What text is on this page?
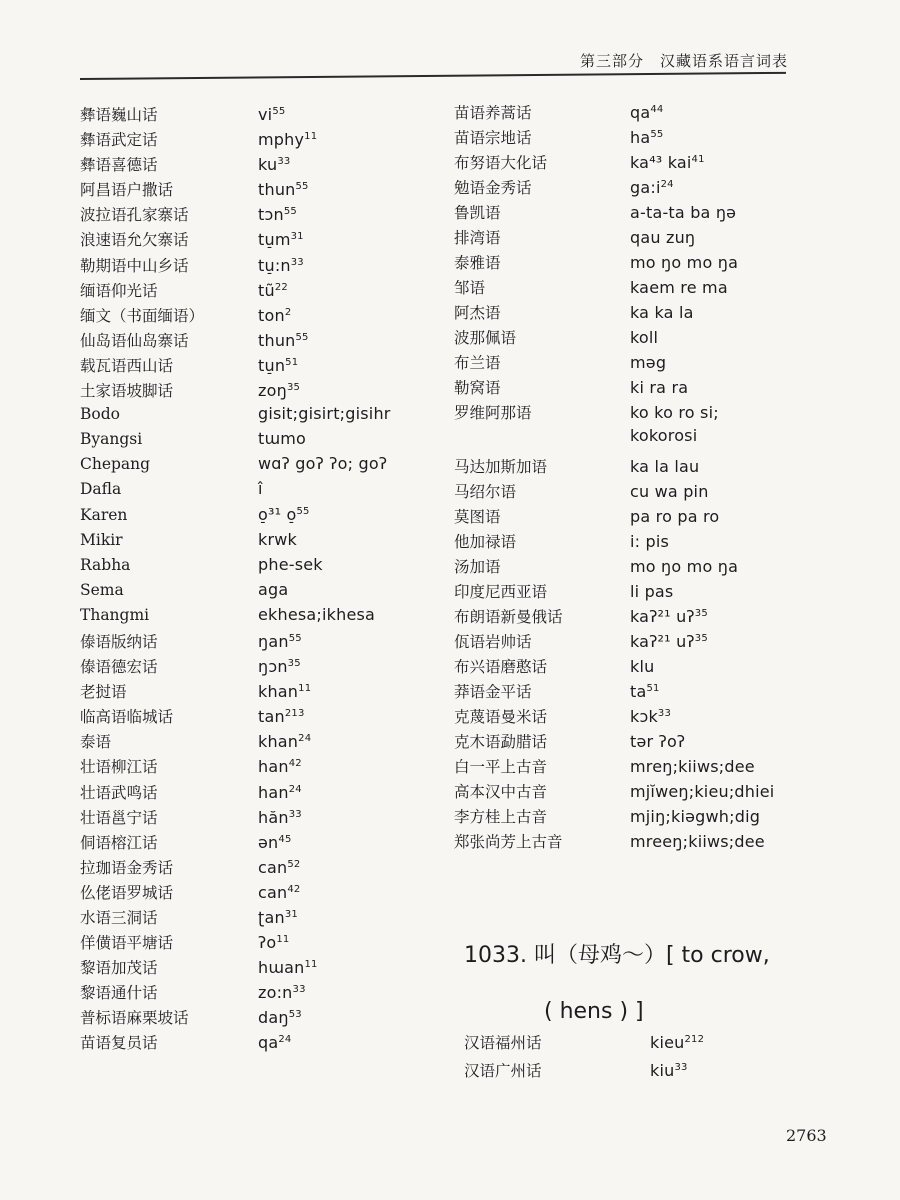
第三部分　汉藏语系语言词表
彝语巍山话	$vi^{55}$
彝语武定话	mphy$^{11}$
彝语喜德话	$ku^{33}$
阿昌语户撒话	thun$^{55}$
波拉语孔家寨话	tɔn$^{55}$
浪速语允欠寨话	$tu̠m^{31}$
勒期语中山乡话	$tu̠:n^{33}$
缅语仰光话	$tũ^{22}$
缅文（书面缅语）	ton$^2$
仙岛语仙岛寨话	thun$^{55}$
载瓦语西山话	$tu̠n^{51}$
土家语坡脚话	zoŋ$^{35}$
Bodo	gisit;gisirt;gisihr
Byangsi	tɯmo
Chepang	wɑʔ goʔ ʔo; goʔ
Dafla	î
Karen	o̠³¹ o̠$^{55}$
Mikir	krwk
Rabha	phe-sek
Sema	aga
Thangmi	ekhesa;ikhesa
傣语版纳话	ŋan$^{55}$
傣语德宏话	ŋɔn$^{35}$
老挝语	khan$^{11}$
临高语临城话	$\tan^{213}$
泰语	khan$^{24}$
壮语柳江话	han$^{42}$
壮语武鸣话	han$^{24}$
壮语邕宁话	hăn$^{33}$
侗语榕江话	ən$^{45}$
拉珈语金秀话	can$^{52}$
仫佬语罗城话	can$^{42}$
水语三洞话	ʈan$^{31}$
佯僙语平塘话	ʔo$^{11}$
黎语加茂话	hɯan$^{11}$
黎语通什话	$zo:n^{33}$
普标语麻栗坡话	daŋ$^{53}$
苗语复员话	$qa^{24}$
苗语养蒿话	$qa^{44}$
苗语宗地话	$ha^{55}$
布努语大化话	ka⁴³ kai$^{41}$
勉语金秀话	$ga:i^{24}$
鲁凯语	a-ta-ta ba ŋə
排湾语	qau zuŋ
泰雅语	mo ŋo mo ŋa
邹语	kaem re ma
阿杰语	ka ka la
波那佩语	koll
布兰语	məg
勒窝语	ki ra ra
罗维阿那语	ko ko ro si;
kokorosi
马达加斯加语	ka la lau
马绍尔语	cu wa pin
莫图语	pa ro pa ro
他加禄语	i: pis
汤加语	mo ŋo mo ŋa
印度尼西亚语	li pas
布朗语新曼俄话	kaʔ²¹ uʔ$^{35}$
佤语岩帅话	kaʔ²¹ uʔ$^{35}$
布兴语磨憨话	klu
莽语金平话	$ta^{51}$
克蔑语曼米话	kɔk$^{33}$
克木语勐腊话	tər ʔoʔ
白一平上古音	mreŋ;kiiws;dee
高本汉中古音	mjĭweŋ;kieu;dhiei
李方桂上古音	mjiŋ;kiəgwh;dig
郑张尚芳上古音	mreeŋ;kiiws;dee
1033. 叫（母鸡～）[ to crow,
( hens ) ]
汉语福州话	kieu$^{212}$
汉语广州话	kiu$^{33}$
2763
